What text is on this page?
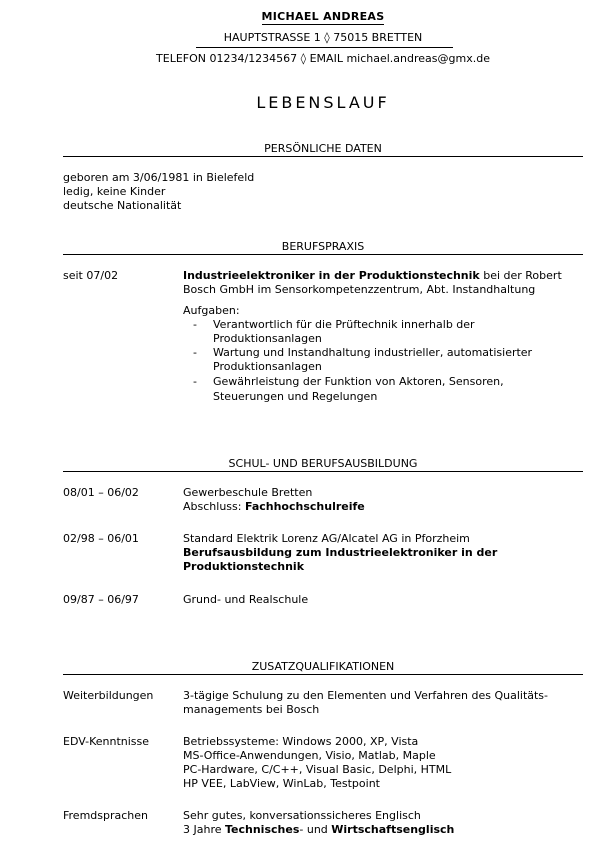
MICHAEL ANDREAS
HAUPTSTRASSE 1 ◊ 75015 BRETTEN
TELEFON 01234/1234567 ◊ EMAIL michael.andreas@gmx.de
LEBENSLAUF
PERSÖNLICHE DATEN
geboren am 3/06/1981 in Bielefeld
ledig, keine Kinder
deutsche Nationalität
BERUFSPRAXIS
seit 07/02	Industrieelektroniker in der Produktionstechnik bei der Robert
Bosch GmbH im Sensorkompetenzzentrum, Abt. Instandhaltung
Aufgaben:
- Verantwortlich für die Prüftechnik innerhalb der
Produktionsanlagen
- Wartung und Instandhaltung industrieller, automatisierter
Produktionsanlagen
- Gewährleistung der Funktion von Aktoren, Sensoren,
Steuerungen und Regelungen
SCHUL- UND BERUFSAUSBILDUNG
08/01 – 06/02	Gewerbeschule Bretten
Abschluss: Fachhochschulreife
02/98 – 06/01	Standard Elektrik Lorenz AG/Alcatel AG in Pforzheim
Berufsausbildung zum Industrieelektroniker in der
Produktionstechnik
09/87 – 06/97	Grund- und Realschule
ZUSATZQUALIFIKATIONEN
Weiterbildungen	3-tägige Schulung zu den Elementen und Verfahren des Qualitäts-
managements bei Bosch
EDV-Kenntnisse	Betriebssysteme: Windows 2000, XP, Vista
MS-Office-Anwendungen, Visio, Matlab, Maple
PC-Hardware, C/C++, Visual Basic, Delphi, HTML
HP VEE, LabView, WinLab, Testpoint
Fremdsprachen	Sehr gutes, konversationssicheres Englisch
3 Jahre Technisches- und Wirtschaftsenglisch
